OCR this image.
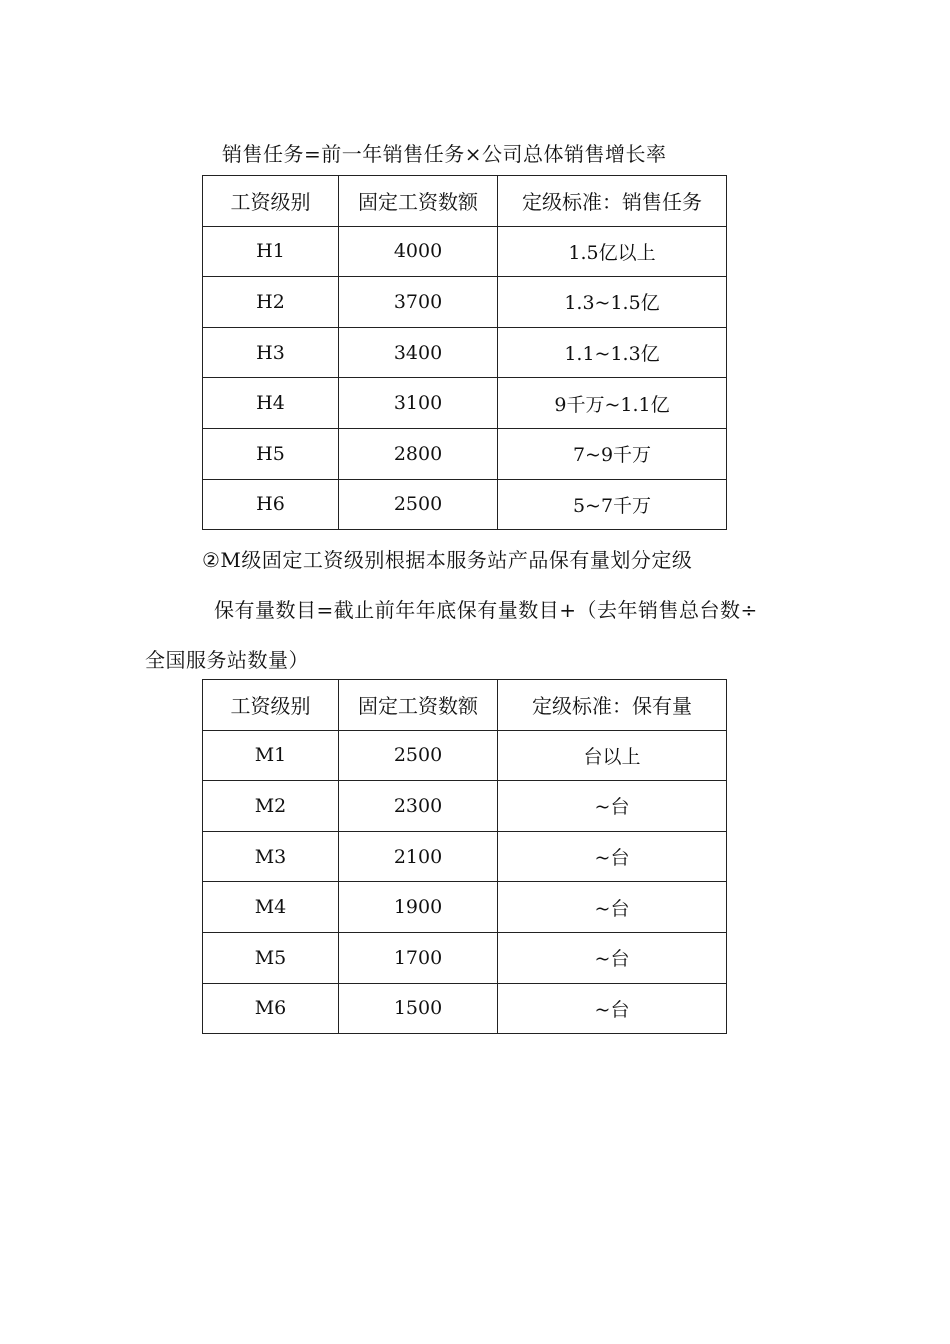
销售任务=前一年销售任务×公司总体销售增长率
工资级别	固定工资数额	定级标准：销售任务
H1	4000	1.5亿以上
H2	3700	1.3~1.5亿
H3	3400	1.1~1.3亿
H4	3100	9千万~1.1亿
H5	2800	7~9千万
H6	2500	5~7千万
②M级固定工资级别根据本服务站产品保有量划分定级
保有量数目=截止前年年底保有量数目+（去年销售总台数÷
全国服务站数量）
工资级别	固定工资数额	定级标准：保有量
M1	2500	台以上
M2	2300	~台
M3	2100	~台
M4	1900	~台
M5	1700	~台
M6	1500	~台
